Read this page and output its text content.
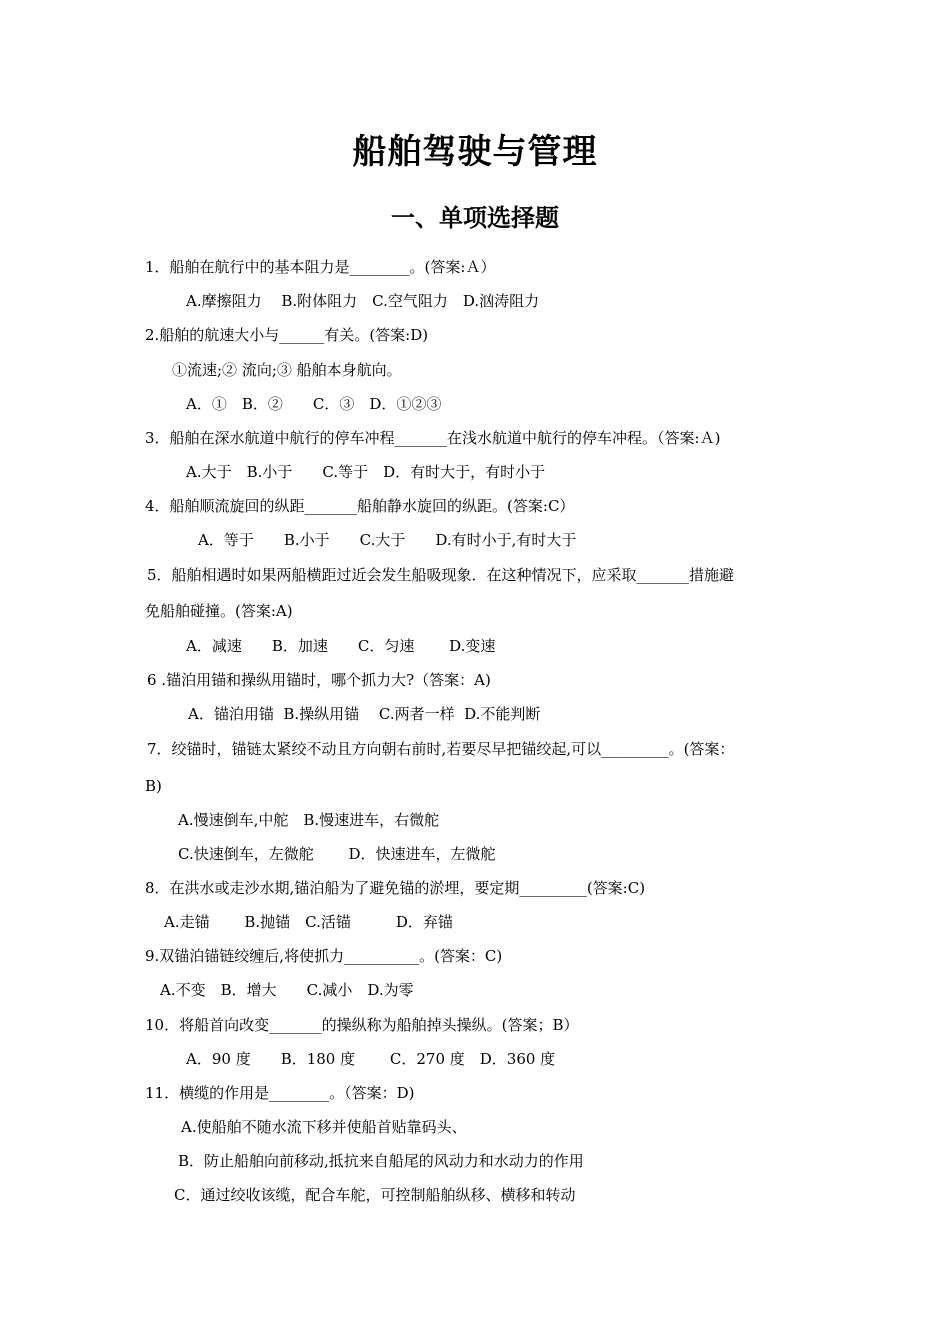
船舶驾驶与管理
一、单项选择题
1．船舶在航行中的基本阻力是________。(答案:Ａ）
A.摩擦阻力　 B.附体阻力　C.空气阻力　D.汹涛阻力
2.船舶的航速大小与______有关。(答案:D)
①流速;② 流向;③ 船舶本身航向。
A．①　B．②　　C．③　D．①②③
3．船舶在深水航道中航行的停车冲程_______在浅水航道中航行的停车冲程。（答案:Ａ)
A.大于　B.小于　　C.等于　D．有时大于，有时小于
4．船舶顺流旋回的纵距_______船舶静水旋回的纵距。(答案:C）
A．等于　　B.小于　　C.大于　　D.有时小于,有时大于
5．船舶相遇时如果两船横距过近会发生船吸现象．在这种情况下，应采取_______措施避
免船舶碰撞。(答案:A)
A．减速　　B．加速　　C．匀速　　 D.变速
6 .锚泊用锚和操纵用锚时，哪个抓力大?（答案：A)
A．锚泊用锚  B.操纵用锚　 C.两者一样  D.不能判断
7．绞锚时，锚链太紧绞不动且方向朝右前时,若要尽早把锚绞起,可以_________。(答案：
B)
A.慢速倒车,中舵　B.慢速进车，右微舵
C.快速倒车，左微舵　　 D．快速进车，左微舵
8．在洪水或走沙水期,锚泊船为了避免锚的淤埋，要定期_________(答案:C)
A.走锚　　 B.抛锚　C.活锚　　　D．弃锚
9.双锚泊锚链绞缠后,将使抓力__________。(答案：C)
A.不变　B．增大　　C.减小　D.为零
10．将船首向改变_______的操纵称为船舶掉头操纵。(答案；B）
A．90 度　　B．180 度　　 C．270 度　D．360 度
11．横缆的作用是________。（答案：D)
A.使船舶不随水流下移并使船首贴靠码头、
B．防止船舶向前移动,抵抗来自船尾的风动力和水动力的作用
C．通过绞收该缆，配合车舵，可控制船舶纵移、横移和转动
